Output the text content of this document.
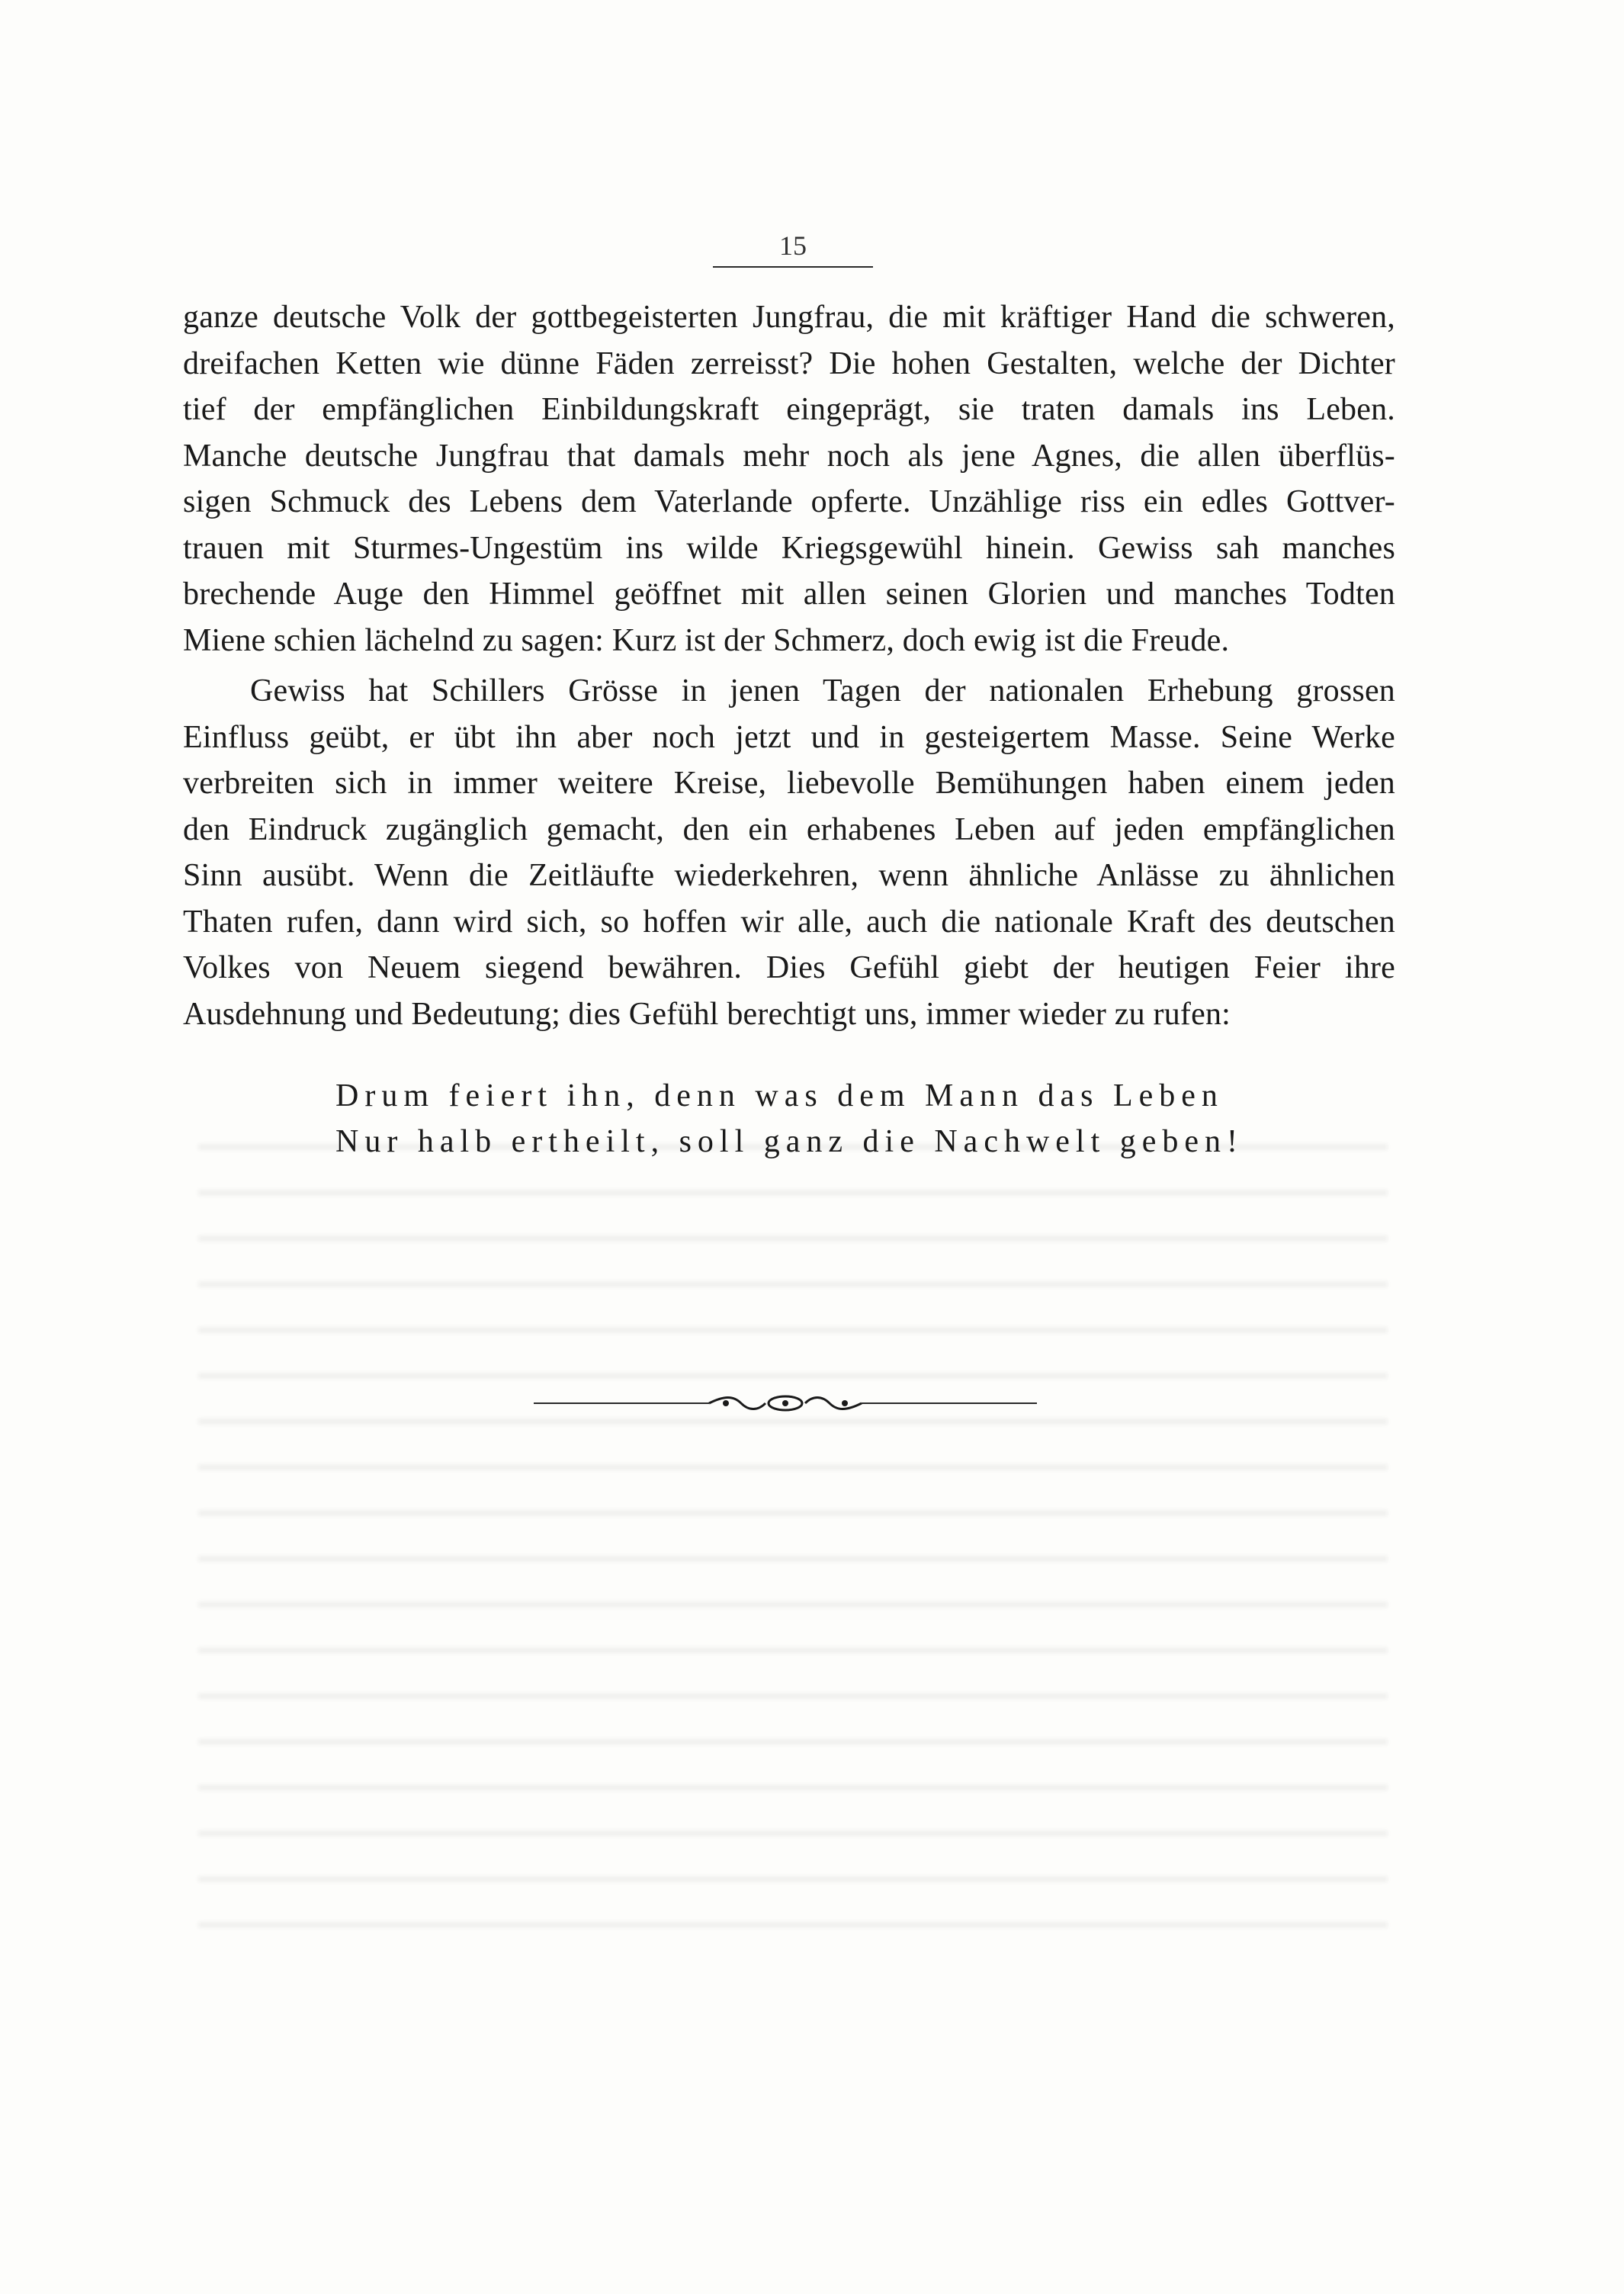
15
ganze deutsche Volk der gottbegeisterten Jungfrau, die mit kräftiger Hand die schweren,
dreifachen Ketten wie dünne Fäden zerreisst? Die hohen Gestalten, welche der Dichter
tief der empfänglichen Einbildungskraft eingeprägt, sie traten damals ins Leben.
Manche deutsche Jungfrau that damals mehr noch als jene Agnes, die allen überflüs-
sigen Schmuck des Lebens dem Vaterlande opferte. Unzählige riss ein edles Gottver-
trauen mit Sturmes-Ungestüm ins wilde Kriegsgewühl hinein. Gewiss sah manches
brechende Auge den Himmel geöffnet mit allen seinen Glorien und manches Todten
Miene schien lächelnd zu sagen: Kurz ist der Schmerz, doch ewig ist die Freude.
Gewiss hat Schillers Grösse in jenen Tagen der nationalen Erhebung grossen
Einfluss geübt, er übt ihn aber noch jetzt und in gesteigertem Masse. Seine Werke
verbreiten sich in immer weitere Kreise, liebevolle Bemühungen haben einem jeden
den Eindruck zugänglich gemacht, den ein erhabenes Leben auf jeden empfänglichen
Sinn ausübt. Wenn die Zeitläufte wiederkehren, wenn ähnliche Anlässe zu ähnlichen
Thaten rufen, dann wird sich, so hoffen wir alle, auch die nationale Kraft des deutschen
Volkes von Neuem siegend bewähren. Dies Gefühl giebt der heutigen Feier ihre
Ausdehnung und Bedeutung; dies Gefühl berechtigt uns, immer wieder zu rufen:
Drum feiert ihn, denn was dem Mann das Leben
Nur halb ertheilt, soll ganz die Nachwelt geben!
